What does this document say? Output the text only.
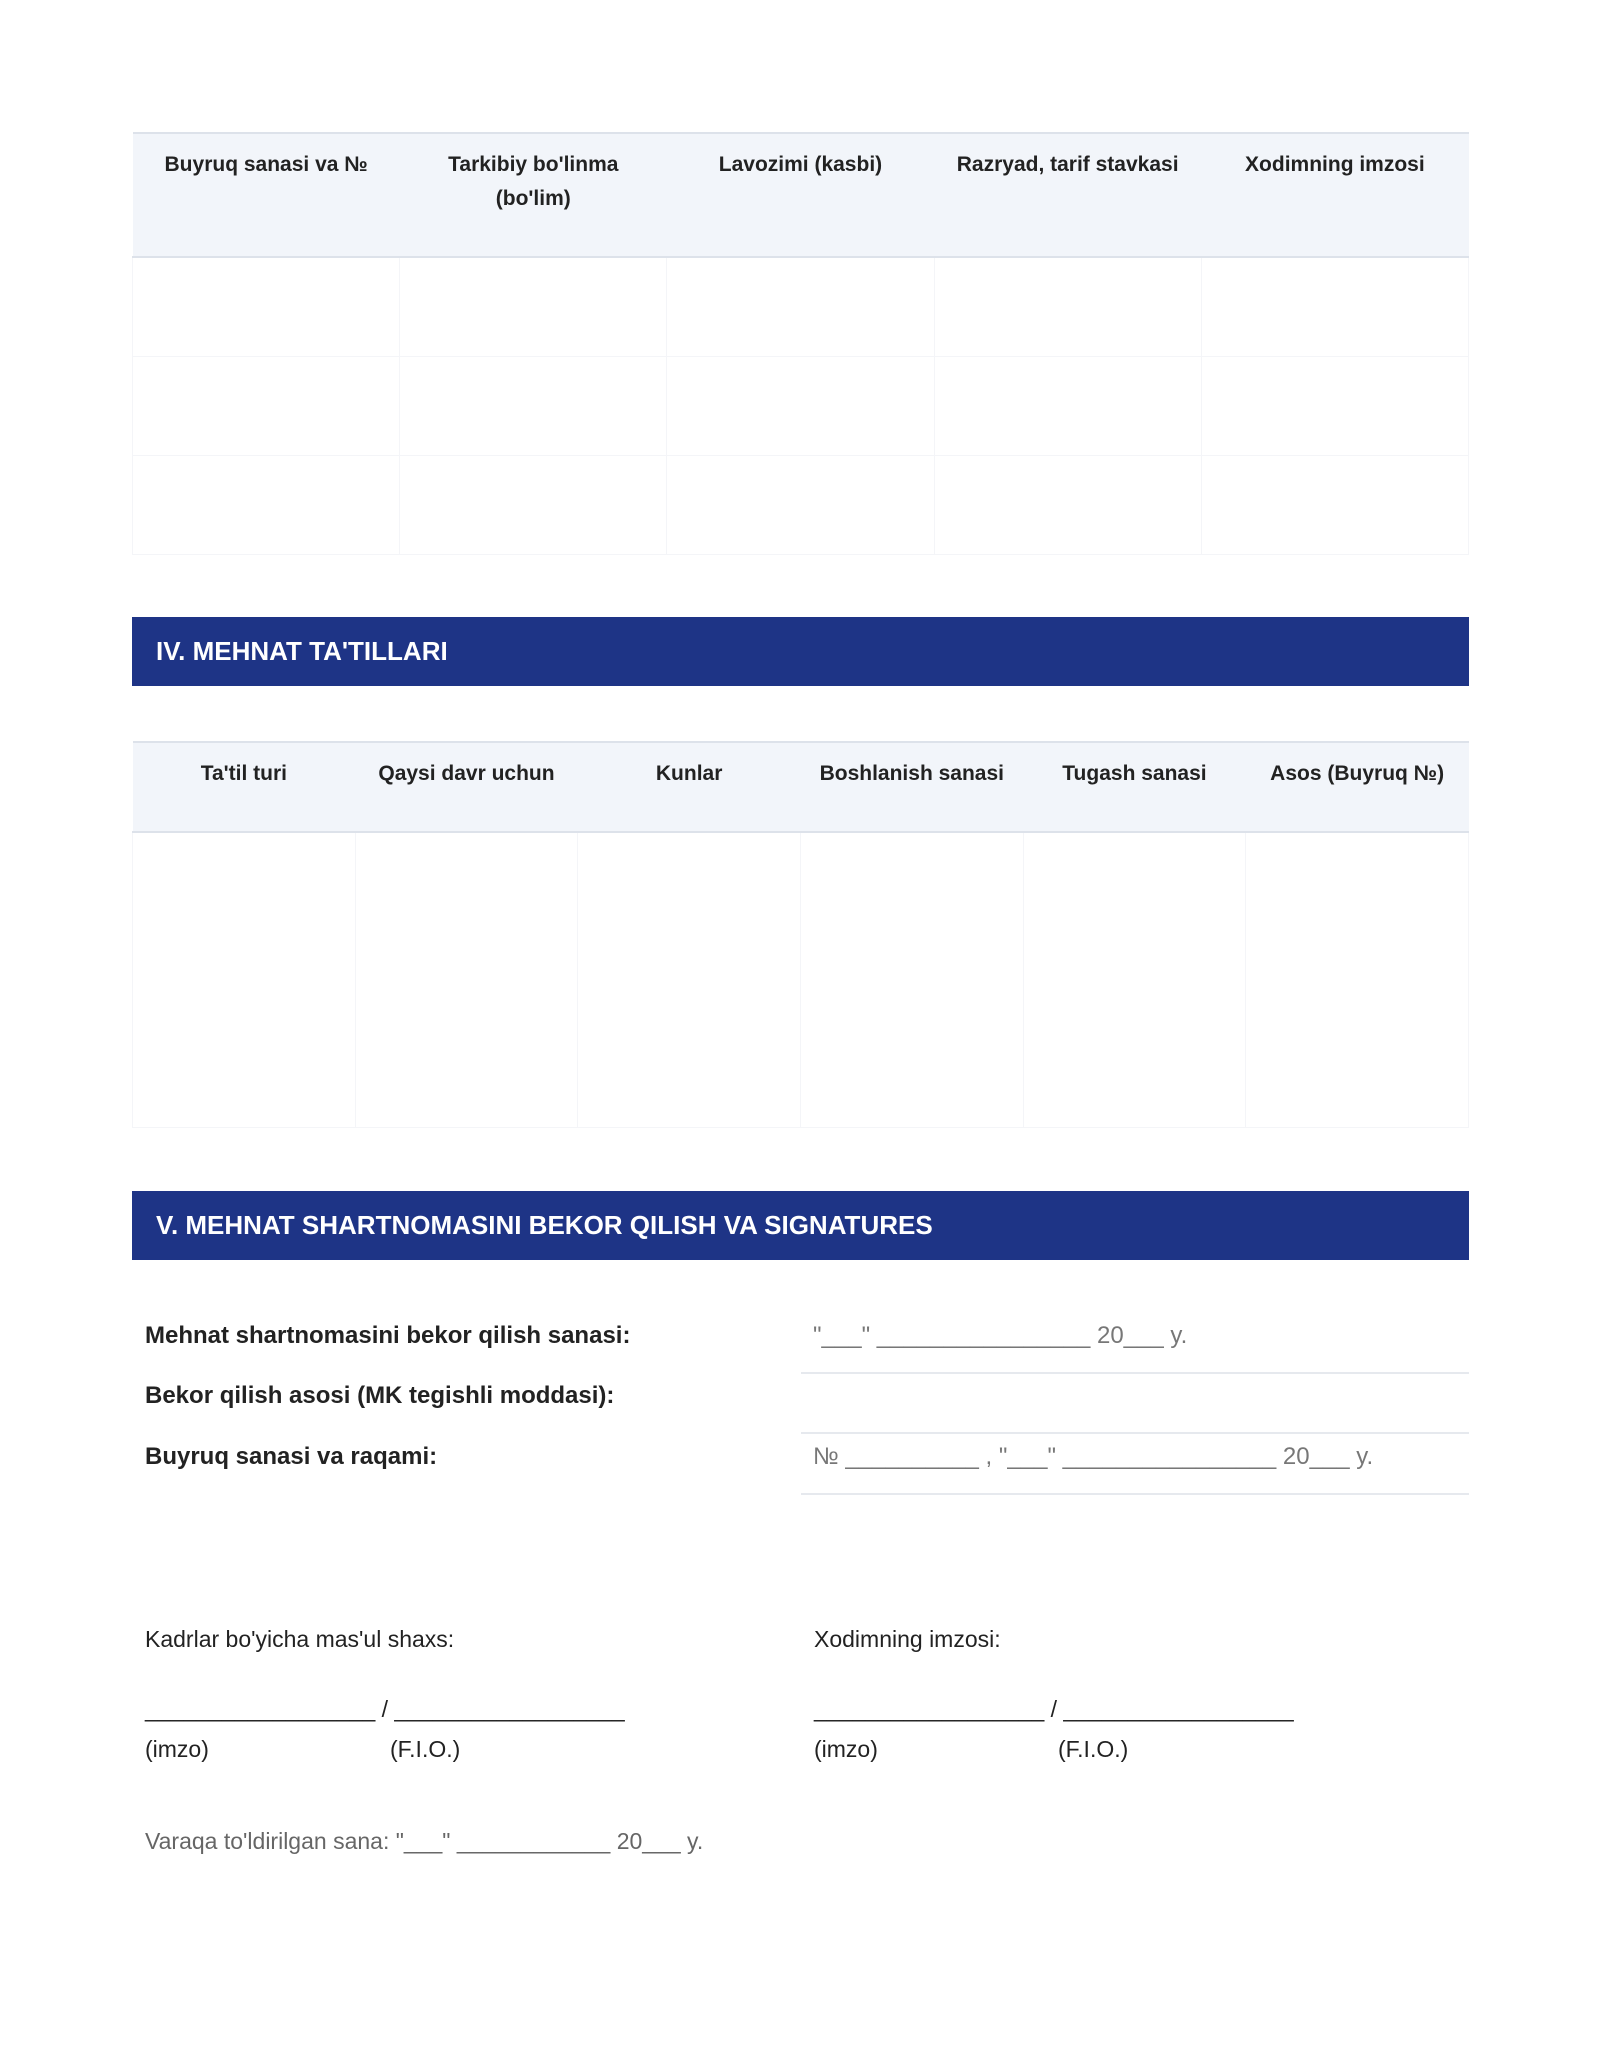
Buyruq sanasi va №	Tarkibiy bo'linma (bo'lim)	Lavozimi (kasbi)	Razryad, tarif stavkasi	Xodimning imzosi

IV. MEHNAT TA'TILLARI
Ta'til turi	Qaysi davr uchun	Kunlar	Boshlanish sanasi	Tugash sanasi	Asos (Buyruq №)

V. MEHNAT SHARTNOMASINI BEKOR QILISH VA SIGNATURES
Mehnat shartnomasini bekor qilish sanasi:	"___" ________________ 20___ y.
Bekor qilish asosi (MK tegishli moddasi):
Buyruq sanasi va raqami:	№ __________ , "___" ________________ 20___ y.
Kadrlar bo'yicha mas'ul shaxs:
__________________ / __________________
(imzo)	(F.I.O.)
Xodimning imzosi:
__________________ / __________________
(imzo)	(F.I.O.)
Varaqa to'ldirilgan sana: "___" ____________ 20___ y.
